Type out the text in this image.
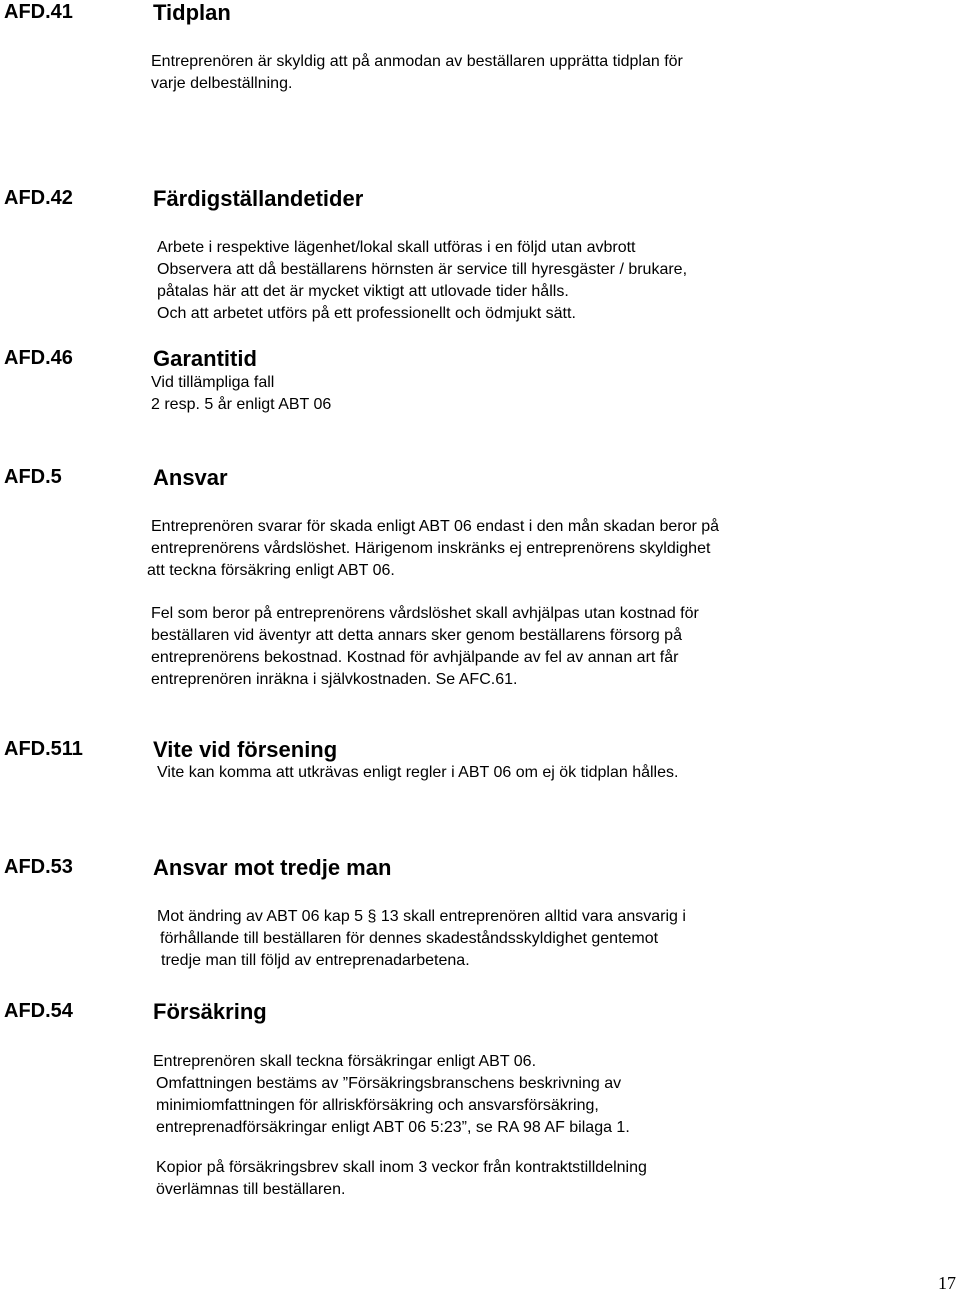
AFD.41	Tidplan
Entreprenören är skyldig att på anmodan av beställaren upprätta tidplan för
varje delbeställning.
AFD.42	Färdigställandetider
Arbete i respektive lägenhet/lokal skall utföras i en följd utan avbrott
Observera att då beställarens hörnsten är service till hyresgäster / brukare,
påtalas här att det är mycket viktigt att utlovade tider hålls.
Och att arbetet utförs på ett professionellt och ödmjukt sätt.
AFD.46	Garantitid
Vid tillämpliga fall
2 resp. 5 år enligt ABT 06
AFD.5	Ansvar
Entreprenören svarar för skada enligt ABT 06 endast i den mån skadan beror på
entreprenörens vårdslöshet. Härigenom inskränks ej entreprenörens skyldighet
att teckna försäkring enligt ABT 06.
Fel som beror på entreprenörens vårdslöshet skall avhjälpas utan kostnad för
beställaren vid äventyr att detta annars sker genom beställarens försorg på
entreprenörens bekostnad. Kostnad för avhjälpande av fel av annan art får
entreprenören inräkna i självkostnaden. Se AFC.61.
AFD.511	Vite vid försening
Vite kan komma att utkrävas enligt regler i ABT 06 om ej ök tidplan hålles.
AFD.53	Ansvar mot tredje man
Mot ändring av ABT 06 kap 5 § 13 skall entreprenören alltid vara ansvarig i
förhållande till beställaren för dennes skadeståndsskyldighet gentemot
tredje man till följd av entreprenadarbetena.
AFD.54	Försäkring
Entreprenören skall teckna försäkringar enligt ABT 06.
Omfattningen bestäms av ”Försäkringsbranschens beskrivning av
minimiomfattningen för allriskförsäkring och ansvarsförsäkring,
entreprenadförsäkringar enligt ABT 06 5:23”, se RA 98 AF bilaga 1.
Kopior på försäkringsbrev skall inom 3 veckor från kontraktstilldelning
överlämnas till beställaren.
17
